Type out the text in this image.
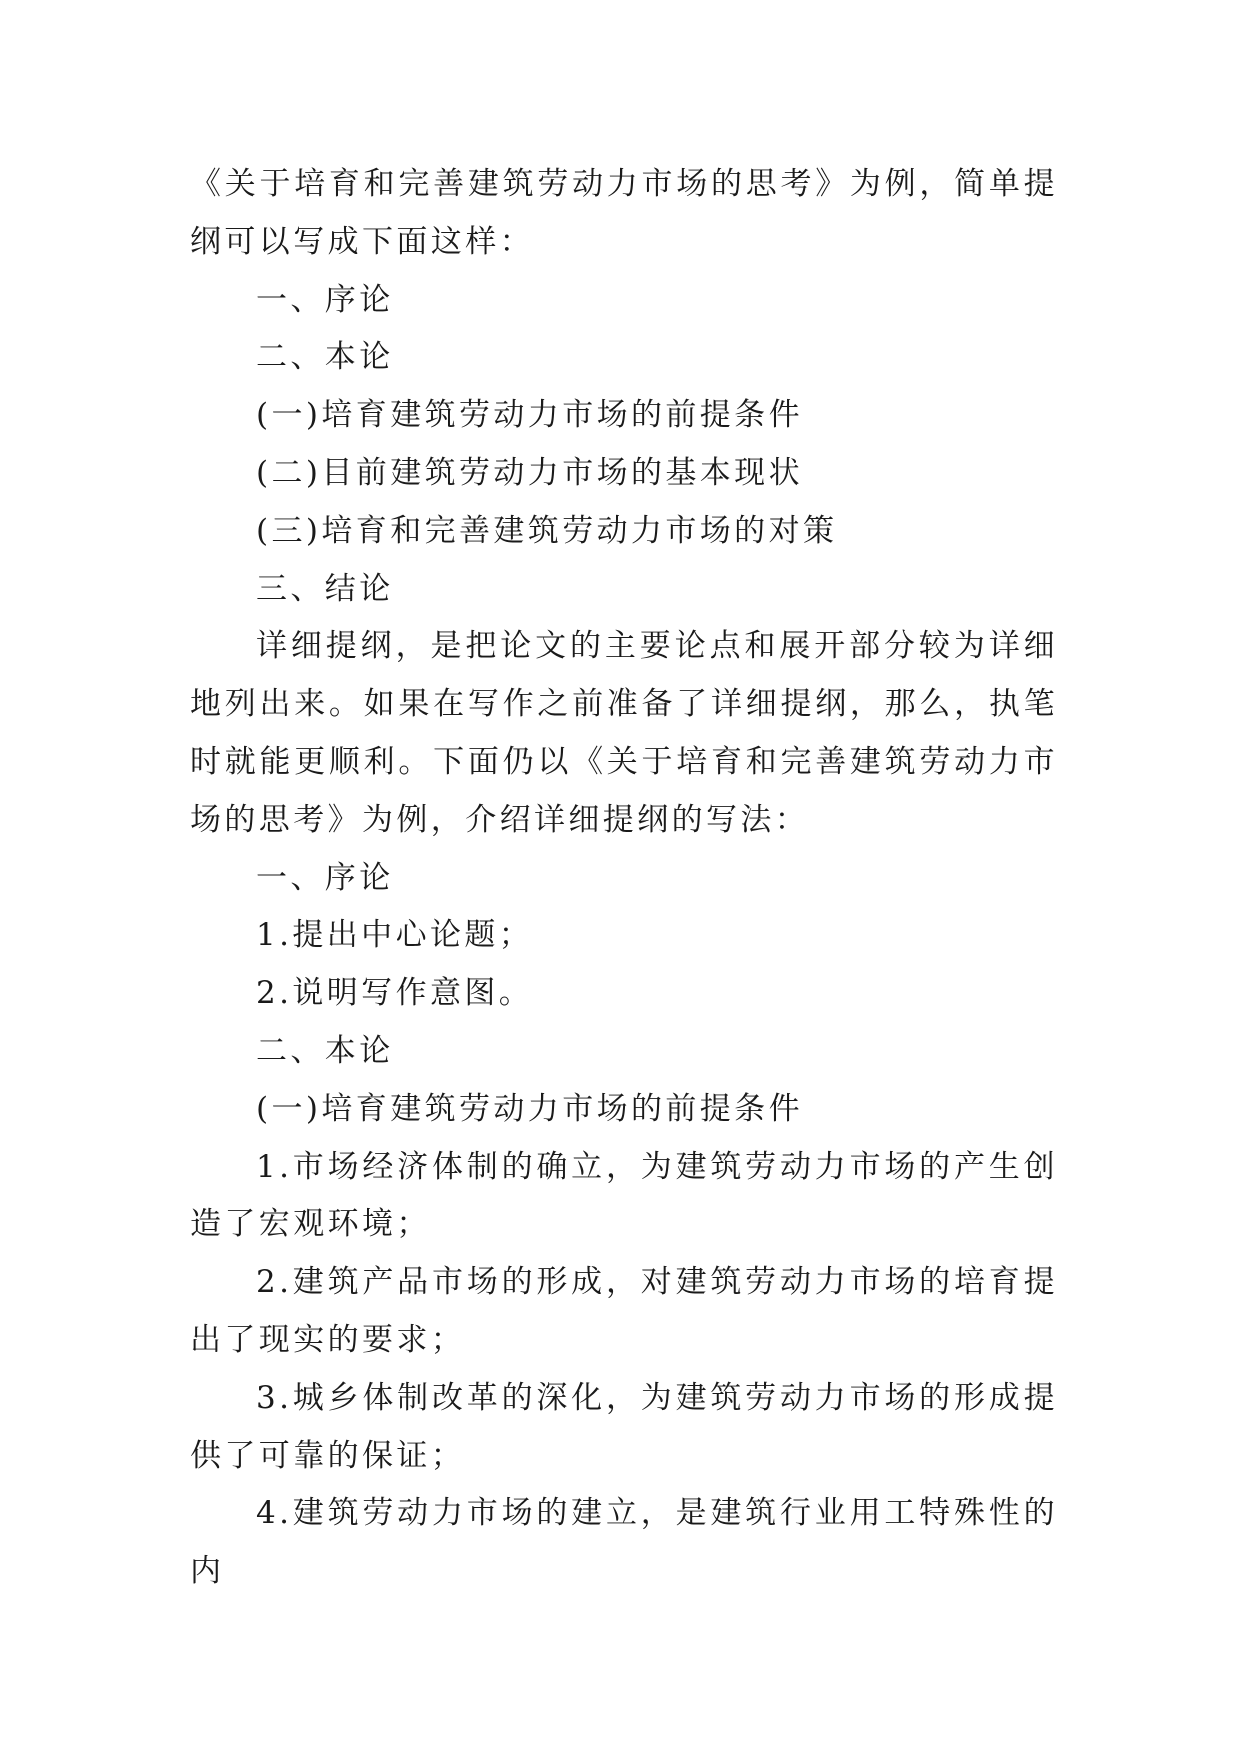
《关于培育和完善建筑劳动力市场的思考》为例，简单提纲可以写成下面这样：

一、序论

二、本论

(一)培育建筑劳动力市场的前提条件

(二)目前建筑劳动力市场的基本现状

(三)培育和完善建筑劳动力市场的对策

三、结论

详细提纲，是把论文的主要论点和展开部分较为详细地列出来。如果在写作之前准备了详细提纲，那么，执笔时就能更顺利。下面仍以《关于培育和完善建筑劳动力市场的思考》为例，介绍详细提纲的写法：

一、序论

1.提出中心论题；

2.说明写作意图。

二、本论

(一)培育建筑劳动力市场的前提条件

1.市场经济体制的确立，为建筑劳动力市场的产生创造了宏观环境；

2.建筑产品市场的形成，对建筑劳动力市场的培育提出了现实的要求；

3.城乡体制改革的深化，为建筑劳动力市场的形成提供了可靠的保证；

4.建筑劳动力市场的建立，是建筑行业用工特殊性的内
